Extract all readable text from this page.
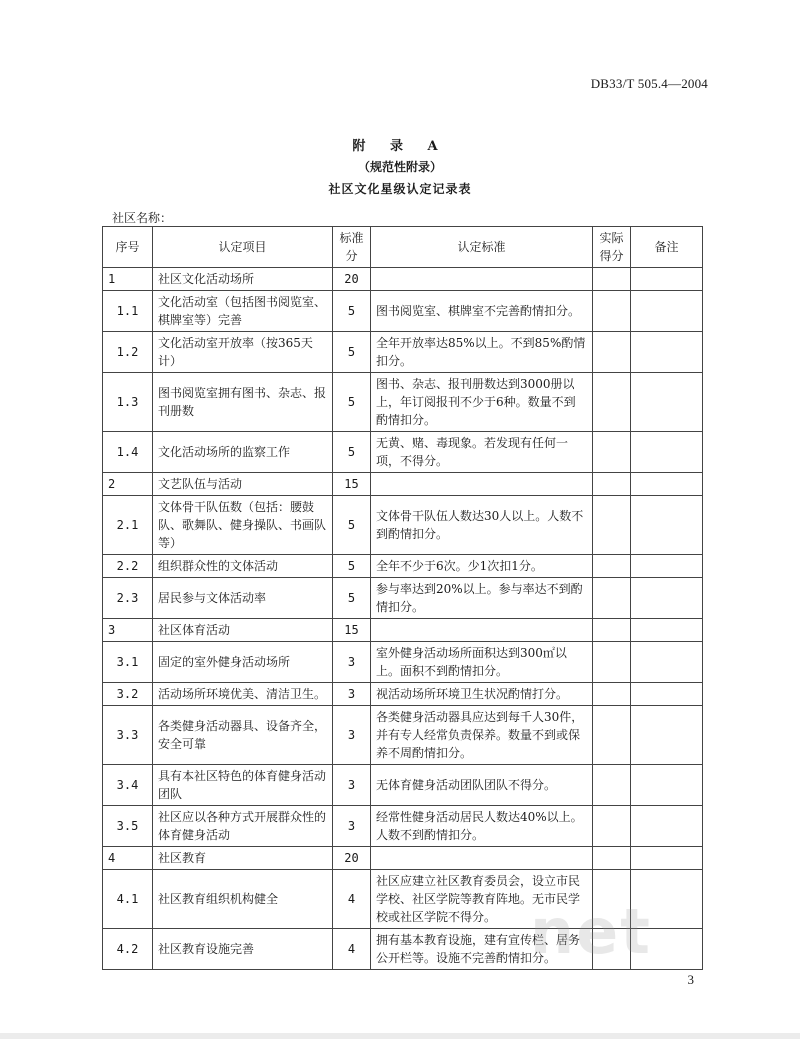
DB33/T 505.4—2004
附 录 A
（规范性附录）
社区文化星级认定记录表
社区名称：
序号	认定项目	标准分	认定标准	实际得分	备注
1	社区文化活动场所	20			
1.1	文化活动室（包括图书阅览室、棋牌室等）完善	5	图书阅览室、棋牌室不完善酌情扣分。		
1.2	文化活动室开放率（按365天计）	5	全年开放率达85%以上。不到85%酌情扣分。		
1.3	图书阅览室拥有图书、杂志、报刊册数	5	图书、杂志、报刊册数达到3000册以上，年订阅报刊不少于6种。数量不到酌情扣分。		
1.4	文化活动场所的监察工作	5	无黄、赌、毒现象。若发现有任何一项，不得分。		
2	文艺队伍与活动	15			
2.1	文体骨干队伍数（包括：腰鼓队、歌舞队、健身操队、书画队等）	5	文体骨干队伍人数达30人以上。人数不到酌情扣分。		
2.2	组织群众性的文体活动	5	全年不少于6次。少1次扣1分。		
2.3	居民参与文体活动率	5	参与率达到20%以上。参与率达不到酌情扣分。		
3	社区体育活动	15			
3.1	固定的室外健身活动场所	3	室外健身活动场所面积达到300㎡以上。面积不到酌情扣分。		
3.2	活动场所环境优美、清洁卫生。	3	视活动场所环境卫生状况酌情打分。		
3.3	各类健身活动器具、设备齐全，安全可靠	3	各类健身活动器具应达到每千人30件，并有专人经常负责保养。数量不到或保养不周酌情扣分。		
3.4	具有本社区特色的体育健身活动团队	3	无体育健身活动团队团队不得分。		
3.5	社区应以各种方式开展群众性的体育健身活动	3	经常性健身活动居民人数达40%以上。人数不到酌情扣分。		
4	社区教育	20			
4.1	社区教育组织机构健全	4	社区应建立社区教育委员会，设立市民学校、社区学院等教育阵地。无市民学校或社区学院不得分。		
4.2	社区教育设施完善	4	拥有基本教育设施，建有宣传栏、居务公开栏等。设施不完善酌情扣分。		
net
3
